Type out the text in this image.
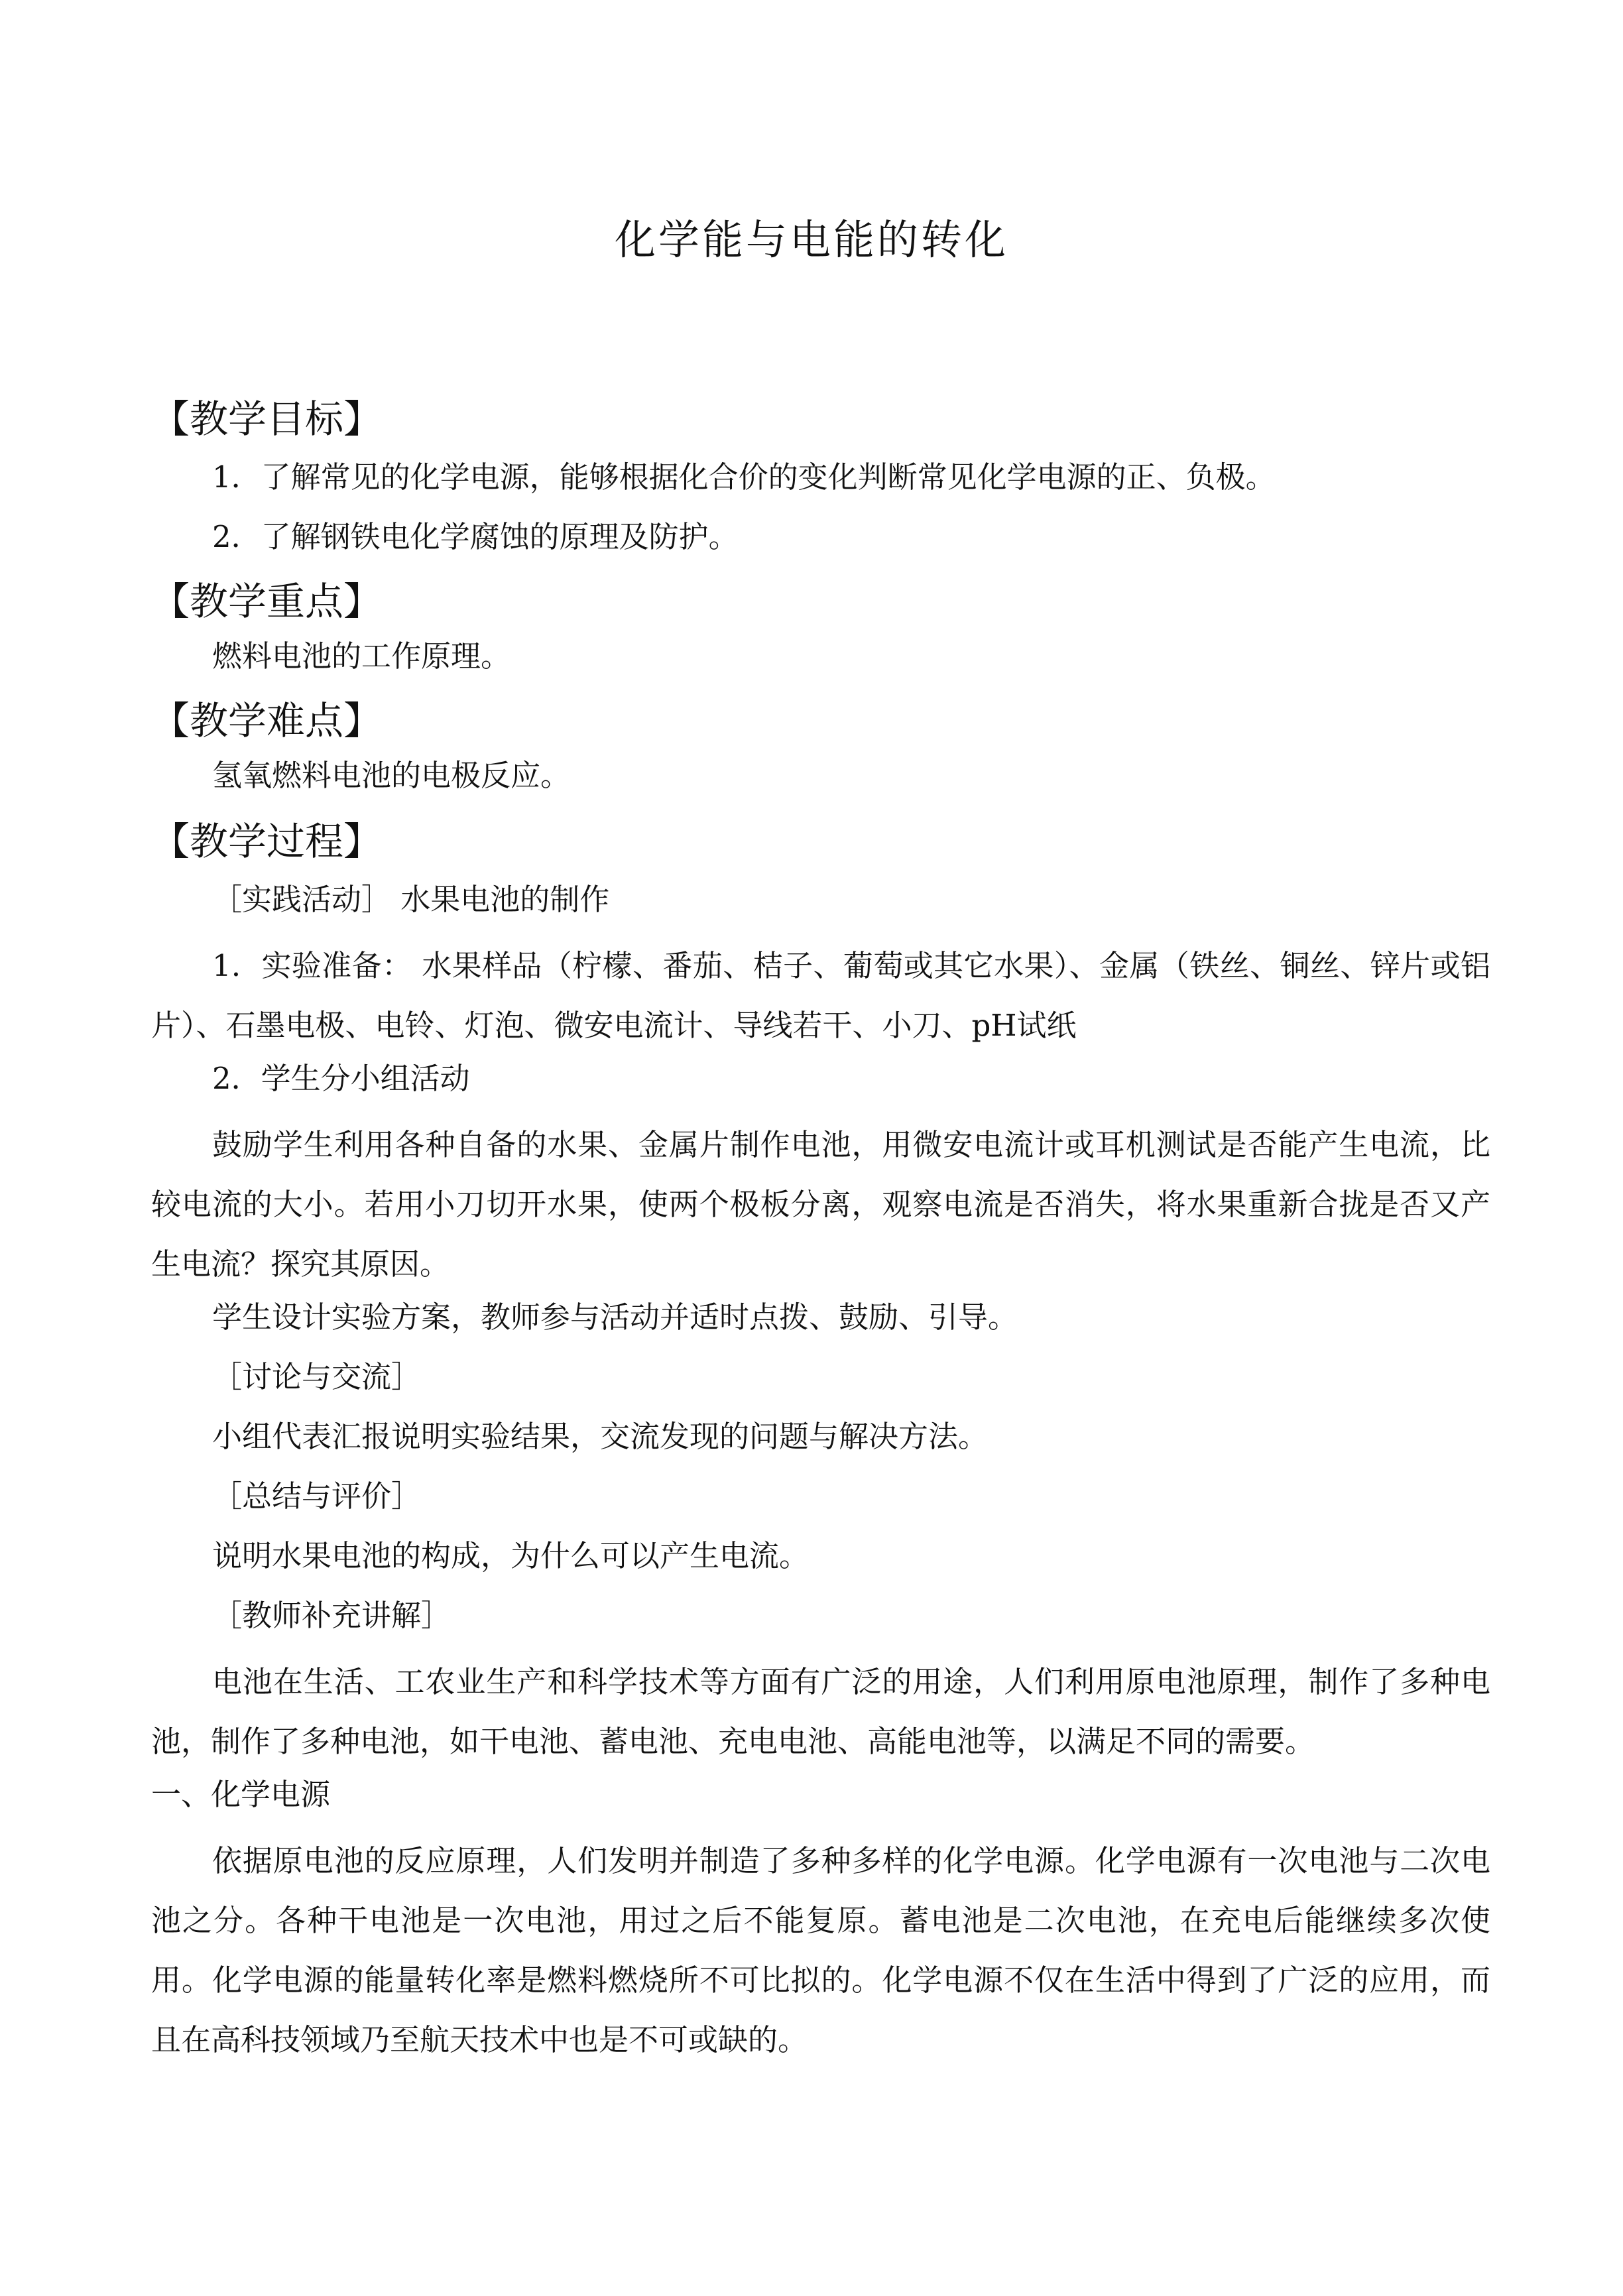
化学能与电能的转化
【教学目标】
1．了解常见的化学电源，能够根据化合价的变化判断常见化学电源的正、负极。
2．了解钢铁电化学腐蚀的原理及防护。
【教学重点】
燃料电池的工作原理。
【教学难点】
氢氧燃料电池的电极反应。
【教学过程】
［实践活动］ 水果电池的制作
1．实验准备： 水果样品（柠檬、番茄、桔子、葡萄或其它水果）、金属（铁丝、铜丝、锌片或铝片）、石墨电极、电铃、灯泡、微安电流计、导线若干、小刀、pH试纸
2．学生分小组活动
鼓励学生利用各种自备的水果、金属片制作电池，用微安电流计或耳机测试是否能产生电流，比较电流的大小。若用小刀切开水果，使两个极板分离，观察电流是否消失，将水果重新合拢是否又产生电流？探究其原因。
学生设计实验方案，教师参与活动并适时点拨、鼓励、引导。
［讨论与交流］
小组代表汇报说明实验结果，交流发现的问题与解决方法。
［总结与评价］
说明水果电池的构成，为什么可以产生电流。
［教师补充讲解］
电池在生活、工农业生产和科学技术等方面有广泛的用途，人们利用原电池原理，制作了多种电池，制作了多种电池，如干电池、蓄电池、充电电池、高能电池等，以满足不同的需要。
一、化学电源
依据原电池的反应原理，人们发明并制造了多种多样的化学电源。化学电源有一次电池与二次电池之分。各种干电池是一次电池，用过之后不能复原。蓄电池是二次电池，在充电后能继续多次使用。化学电源的能量转化率是燃料燃烧所不可比拟的。化学电源不仅在生活中得到了广泛的应用，而且在高科技领域乃至航天技术中也是不可或缺的。
